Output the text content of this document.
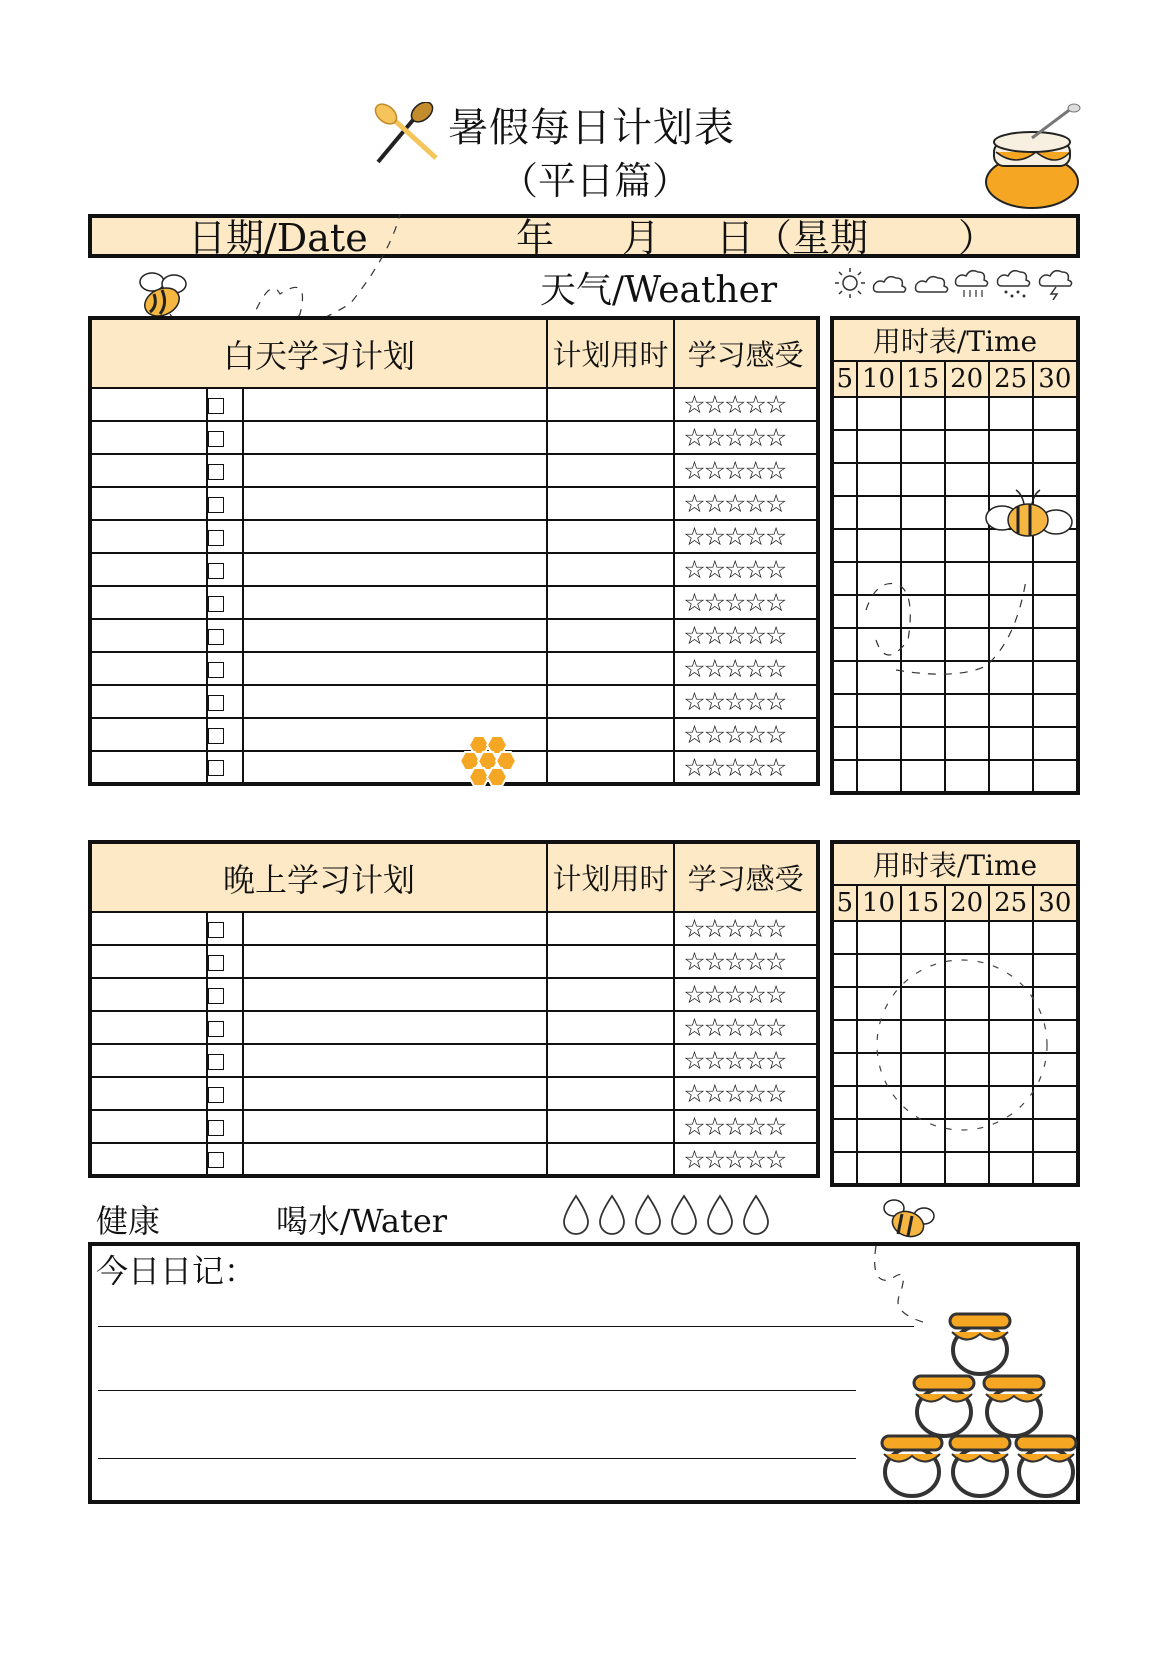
暑假每日计划表
（平日篇）
日期/Date	年 月 日（星期 ）
天气/Weather
白天学习计划			计划用时	学习感受
				☆☆☆☆☆
				☆☆☆☆☆
				☆☆☆☆☆
				☆☆☆☆☆
				☆☆☆☆☆
				☆☆☆☆☆
				☆☆☆☆☆
				☆☆☆☆☆
				☆☆☆☆☆
				☆☆☆☆☆
				☆☆☆☆☆
				☆☆☆☆☆
用时表/Time					
5	10	15	20	25	30

晚上学习计划			计划用时	学习感受
				☆☆☆☆☆
				☆☆☆☆☆
				☆☆☆☆☆
				☆☆☆☆☆
				☆☆☆☆☆
				☆☆☆☆☆
				☆☆☆☆☆
				☆☆☆☆☆
用时表/Time					
5	10	15	20	25	30

健康	喝水/Water
今日日记：
